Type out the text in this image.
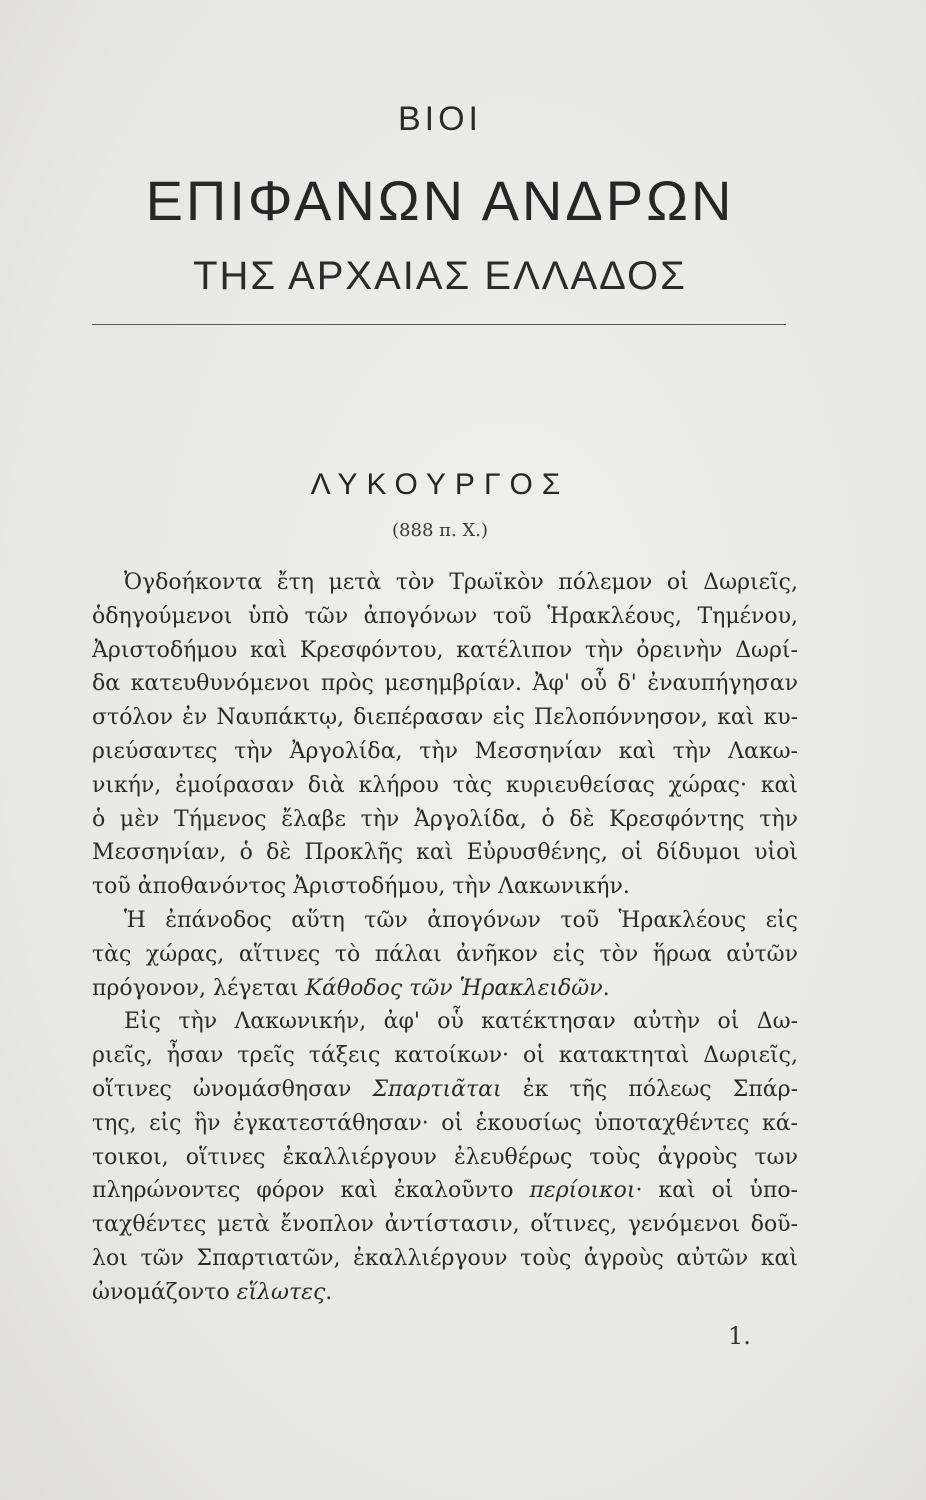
ΒΙΟΙ
ΕΠΙΦΑΝΩΝ ΑΝΔΡΩΝ
ΤΗΣ ΑΡΧΑΙΑΣ ΕΛΛΑΔΟΣ
ΛΥΚΟΥΡΓΟΣ
(888 π. Χ.)
Ὀγδοήκοντα ἔτη μετὰ τὸν Τρωϊκὸν πόλεμον οἱ Δωριεῖς,
ὁδηγούμενοι ὑπὸ τῶν ἀπογόνων τοῦ Ἡρακλέους, Τημένου,
Ἀριστοδήμου καὶ Κρεσφόντου, κατέλιπον τὴν ὀρεινὴν Δωρί-
δα κατευθυνόμενοι πρὸς μεσημβρίαν. Ἀφ' οὗ δ' ἐναυπήγησαν
στόλον ἐν Ναυπάκτῳ, διεπέρασαν εἰς Πελοπόννησον, καὶ κυ-
ριεύσαντες τὴν Ἀργολίδα, τὴν Μεσσηνίαν καὶ τὴν Λακω-
νικήν, ἐμοίρασαν διὰ κλήρου τὰς κυριευθείσας χώρας· καὶ
ὁ μὲν Τήμενος ἔλαβε τὴν Ἀργολίδα, ὁ δὲ Κρεσφόντης τὴν
Μεσσηνίαν, ὁ δὲ Προκλῆς καὶ Εὐρυσθένης, οἱ δίδυμοι υἱοὶ
τοῦ ἀποθανόντος Ἀριστοδήμου, τὴν Λακωνικήν.
Ἡ ἐπάνοδος αὕτη τῶν ἀπογόνων τοῦ Ἡρακλέους εἰς
τὰς χώρας, αἵτινες τὸ πάλαι ἀνῆκον εἰς τὸν ἥρωα αὐτῶν
πρόγονον, λέγεται Κάθοδος τῶν Ἡρακλειδῶν.
Εἰς τὴν Λακωνικήν, ἀφ' οὗ κατέκτησαν αὐτὴν οἱ Δω-
ριεῖς, ἦσαν τρεῖς τάξεις κατοίκων· οἱ κατακτηταὶ Δωριεῖς,
οἵτινες ὠνομάσθησαν Σπαρτιᾶται ἐκ τῆς πόλεως Σπάρ-
της, εἰς ἣν ἐγκατεστάθησαν· οἱ ἑκουσίως ὑποταχθέντες κά-
τοικοι, οἵτινες ἐκαλλιέργουν ἐλευθέρως τοὺς ἀγροὺς των
πληρώνοντες φόρον καὶ ἐκαλοῦντο περίοικοι· καὶ οἱ ὑπο-
ταχθέντες μετὰ ἔνοπλον ἀντίστασιν, οἵτινες, γενόμενοι δοῦ-
λοι τῶν Σπαρτιατῶν, ἐκαλλιέργουν τοὺς ἀγροὺς αὐτῶν καὶ
ὠνομάζοντο εἵλωτες.
1.
